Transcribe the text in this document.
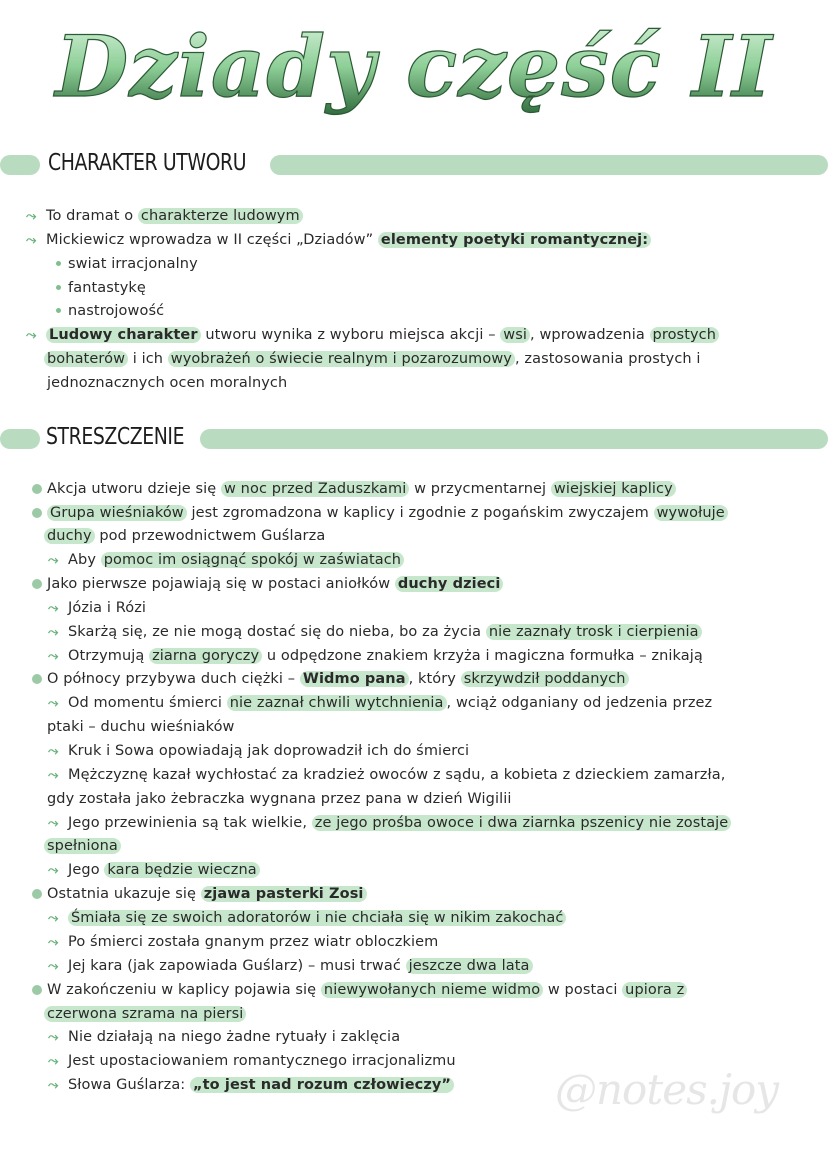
Dziady część II
CHARAKTER UTWORU
⤳ To dramat o charakterze ludowym
⤳ Mickiewicz wprowadza w II części „Dziadów” elementy poetyki romantycznej:
swiat irracjonalny
fantastykę
nastrojowość
⤳ Ludowy charakter utworu wynika z wyboru miejsca akcji – wsi , wprowadzenia prostych
bohaterów i ich wyobrażeń o świecie realnym i pozarozumowy , zastosowania prostych i
jednoznacznych ocen moralnych
STRESZCZENIE
Akcja utworu dzieje się w noc przed Zaduszkami w przycmentarnej wiejskiej kaplicy
Grupa wieśniaków jest zgromadzona w kaplicy i zgodnie z pogańskim zwyczajem wywołuje
duchy pod przewodnictwem Guślarza
⤳ Aby pomoc im osiągnąć spokój w zaświatach
Jako pierwsze pojawiają się w postaci aniołków duchy dzieci
⤳ Józia i Rózi
⤳ Skarżą się, ze nie mogą dostać się do nieba, bo za życia nie zaznały trosk i cierpienia
⤳ Otrzymują ziarna goryczy u odpędzone znakiem krzyża i magiczna formułka – znikają
O północy przybywa duch ciężki – Widmo pana , który skrzywdził poddanych
⤳ Od momentu śmierci nie zaznał chwili wytchnienia , wciąż odganiany od jedzenia przez
ptaki – duchu wieśniaków
⤳ Kruk i Sowa opowiadają jak doprowadził ich do śmierci
⤳ Mężczyznę kazał wychłostać za kradzież owoców z sądu, a kobieta z dzieckiem zamarzła,
gdy została jako żebraczka wygnana przez pana w dzień Wigilii
⤳ Jego przewinienia są tak wielkie, ze jego prośba owoce i dwa ziarnka pszenicy nie zostaje
spełniona
⤳ Jego kara będzie wieczna
Ostatnia ukazuje się zjawa pasterki Zosi
⤳ Śmiała się ze swoich adoratorów i nie chciała się w nikim zakochać
⤳ Po śmierci została gnanym przez wiatr obloczkiem
⤳ Jej kara (jak zapowiada Guślarz) – musi trwać jeszcze dwa lata
W zakończeniu w kaplicy pojawia się niewywołanych nieme widmo w postaci upiora z
czerwona szrama na piersi
⤳ Nie działają na niego żadne rytuały i zaklęcia
⤳ Jest upostaciowaniem romantycznego irracjonalizmu
⤳ Słowa Guślarza: „to jest nad rozum człowieczy” @notes.joy
